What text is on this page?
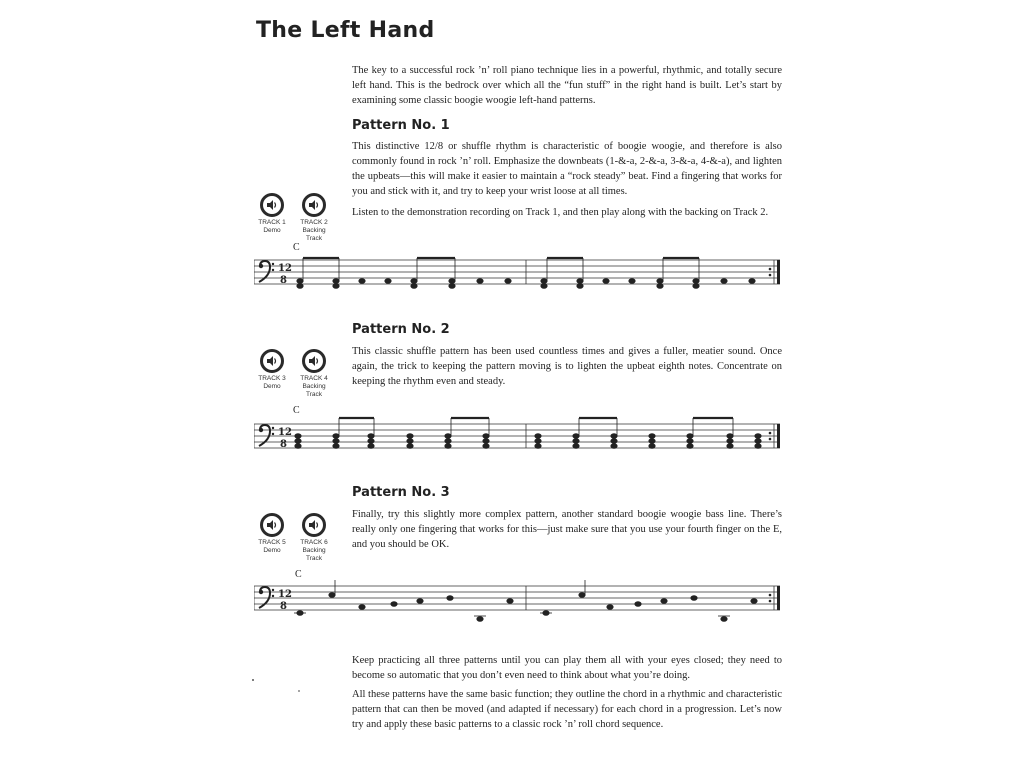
The Left Hand

The key to a successful rock ’n’ roll piano technique lies in a powerful, rhythmic, and totally secure left hand. This is the bedrock over which all the “fun stuff” in the right hand is built. Let’s start by examining some classic boogie woogie left-hand patterns.

Pattern No. 1

This distinctive 12/8 or shuffle rhythm is characteristic of boogie woogie, and therefore is also commonly found in rock ’n’ roll. Emphasize the downbeats (1-&-a, 2-&-a, 3-&-a, 4-&-a), and lighten the upbeats—this will make it easier to maintain a “rock steady” beat. Find a fingering that works for you and stick with it, and try to keep your wrist loose at all times.

Listen to the demonstration recording on Track 1, and then play along with the backing on Track 2.

TRACK 1
Demo
TRACK 2
Backing Track
C
12
8
Pattern No. 2

This classic shuffle pattern has been used countless times and gives a fuller, meatier sound. Once again, the trick to keeping the pattern moving is to lighten the upbeat eighth notes. Concentrate on keeping the rhythm even and steady.

TRACK 3
Demo
TRACK 4
Backing Track
C
12
8
Pattern No. 3

Finally, try this slightly more complex pattern, another standard boogie woogie bass line. There’s really only one fingering that works for this—just make sure that you use your fourth finger on the E, and you should be OK.

TRACK 5
Demo
TRACK 6
Backing Track
C
12
8

Keep practicing all three patterns until you can play them all with your eyes closed; they need to become so automatic that you don’t even need to think about what you’re doing.

All these patterns have the same basic function; they outline the chord in a rhythmic and characteristic pattern that can then be moved (and adapted if necessary) for each chord in a progression. Let’s now try and apply these basic patterns to a classic rock ’n’ roll chord sequence.
